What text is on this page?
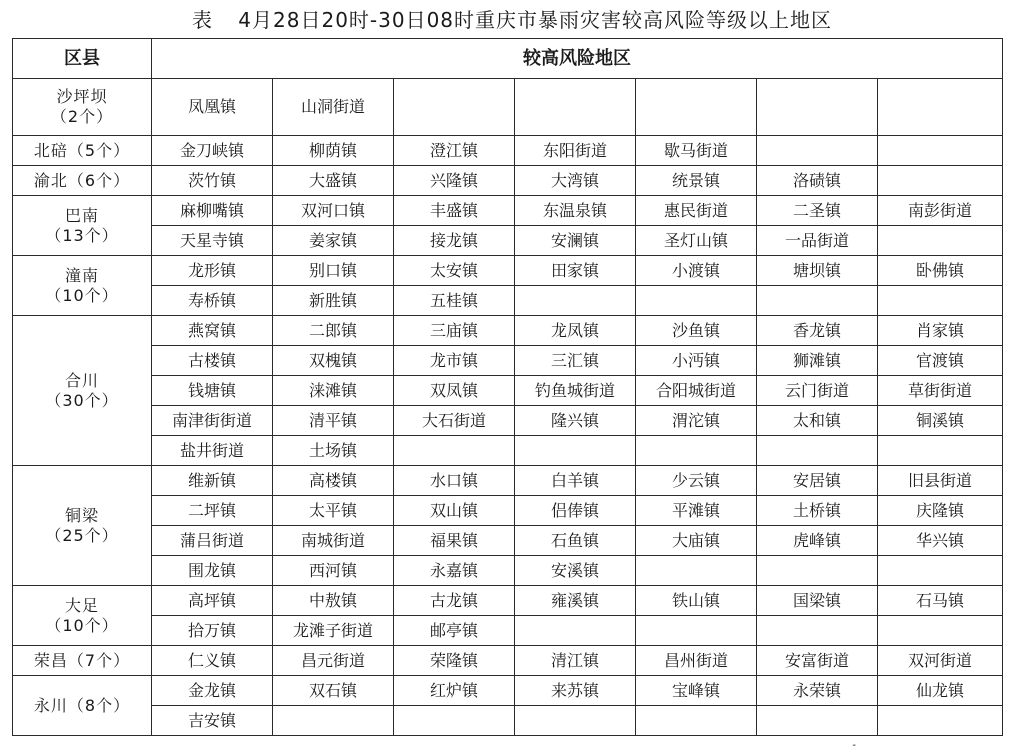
表 4月28日20时-30日08时重庆市暴雨灾害较高风险等级以上地区
区县	较高风险地区						
沙坪坝
（2个）	凤凰镇	山洞街道					
北碚（5个）	金刀峡镇	柳荫镇	澄江镇	东阳街道	歇马街道		
渝北（6个）	茨竹镇	大盛镇	兴隆镇	大湾镇	统景镇	洛碛镇	
巴南
（13个）	麻柳嘴镇	双河口镇	丰盛镇	东温泉镇	惠民街道	二圣镇	南彭街道
	天星寺镇	姜家镇	接龙镇	安澜镇	圣灯山镇	一品街道	
潼南
（10个）	龙形镇	别口镇	太安镇	田家镇	小渡镇	塘坝镇	卧佛镇
	寿桥镇	新胜镇	五桂镇				
合川
（30个）	燕窝镇	二郎镇	三庙镇	龙凤镇	沙鱼镇	香龙镇	肖家镇
	古楼镇	双槐镇	龙市镇	三汇镇	小沔镇	狮滩镇	官渡镇
	钱塘镇	涞滩镇	双凤镇	钓鱼城街道	合阳城街道	云门街道	草街街道
	南津街街道	清平镇	大石街道	隆兴镇	渭沱镇	太和镇	铜溪镇
	盐井街道	土场镇					
铜梁
（25个）	维新镇	高楼镇	水口镇	白羊镇	少云镇	安居镇	旧县街道
	二坪镇	太平镇	双山镇	侣俸镇	平滩镇	土桥镇	庆隆镇
	蒲吕街道	南城街道	福果镇	石鱼镇	大庙镇	虎峰镇	华兴镇
	围龙镇	西河镇	永嘉镇	安溪镇			
大足
（10个）	高坪镇	中敖镇	古龙镇	雍溪镇	铁山镇	国梁镇	石马镇
	拾万镇	龙滩子街道	邮亭镇				
荣昌（7个）	仁义镇	昌元街道	荣隆镇	清江镇	昌州街道	安富街道	双河街道
永川（8个）	金龙镇	双石镇	红炉镇	来苏镇	宝峰镇	永荣镇	仙龙镇
	吉安镇						
-
